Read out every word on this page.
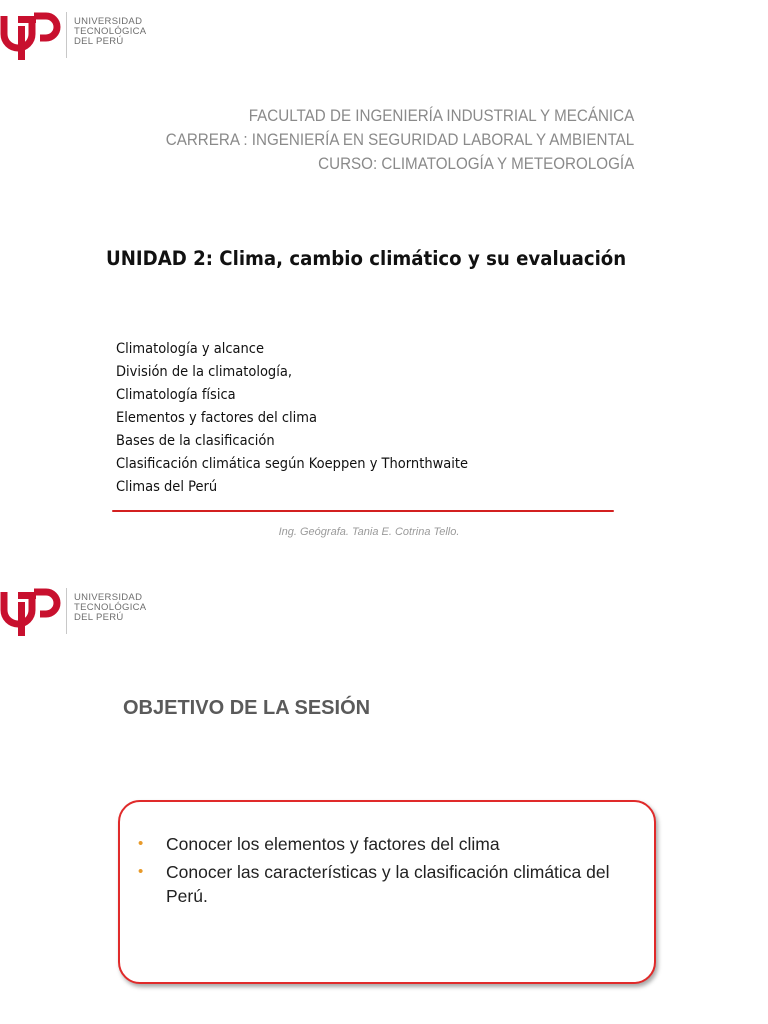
UNIVERSIDAD
TECNOLÓGICA
DEL PERÚ
FACULTAD DE INGENIERÍA INDUSTRIAL Y MECÁNICA
CARRERA : INGENIERÍA EN SEGURIDAD LABORAL Y AMBIENTAL
CURSO: CLIMATOLOGÍA Y METEOROLOGÍA
UNIDAD 2: Clima, cambio climático y su evaluación
Climatología y alcance
División de la climatología,
Climatología física
Elementos y factores del clima
Bases de la clasificación
Clasificación climática según Koeppen y Thornthwaite
Climas del Perú
Ing. Geógrafa. Tania E. Cotrina Tello.
UNIVERSIDAD
TECNOLÓGICA
DEL PERÚ
OBJETIVO DE LA SESIÓN
• Conocer los elementos y factores del clima
• Conocer las características y la clasificación climática del Perú.
